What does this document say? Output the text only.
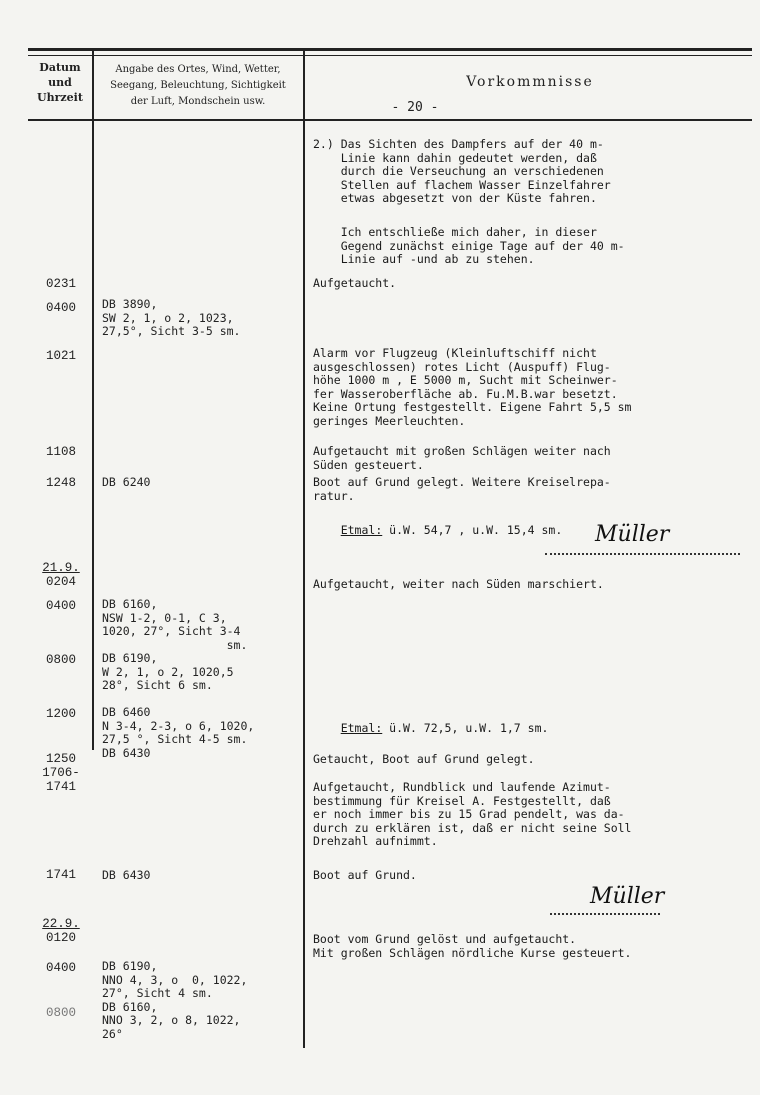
Datum
und
Uhrzeit
Angabe des Ortes, Wind, Wetter,
Seegang, Beleuchtung, Sichtigkeit
der Luft, Mondschein usw.
Vorkommnisse
- 20 -
0231
0400
1021
1108
1248
21.9.
0204
0400
0800
1200
1250
1706-
1741
1741
22.9.
0120
0400
0800
DB 3890,
SW 2, 1, o 2, 1023,
27,5°, Sicht 3-5 sm.
DB 6240
DB 6160,
NSW 1-2, 0-1, C 3,
1020, 27°, Sicht 3-4
sm.
DB 6190,
W 2, 1, o 2, 1020,5
28°, Sicht 6 sm.
DB 6460
N 3-4, 2-3, o 6, 1020,
27,5 °, Sicht 4-5 sm.
DB 6430
DB 6430
DB 6190,
NNO 4, 3, o  0, 1022,
27°, Sicht 4 sm.
DB 6160,
NNO 3, 2, o 8, 1022,
26°
2.) Das Sichten des Dampfers auf der 40 m-
Linie kann dahin gedeutet werden, daß
durch die Verseuchung an verschiedenen
Stellen auf flachem Wasser Einzelfahrer
etwas abgesetzt von der Küste fahren.
Ich entschließe mich daher, in dieser
Gegend zunächst einige Tage auf der 40 m-
Linie auf -und ab zu stehen.
Aufgetaucht.
Alarm vor Flugzeug (Kleinluftschiff nicht
ausgeschlossen) rotes Licht (Auspuff) Flug-
höhe 1000 m , E 5000 m, Sucht mit Scheinwer-
fer Wasseroberfläche ab. Fu.M.B.war besetzt.
Keine Ortung festgestellt. Eigene Fahrt 5,5 sm
geringes Meerleuchten.
Aufgetaucht mit großen Schlägen weiter nach
Süden gesteuert.
Boot auf Grund gelegt. Weitere Kreiselrepa-
ratur.

Etmal: ü.W. 54,7 , u.W. 15,4 sm.

Aufgetaucht, weiter nach Süden marschiert.

Etmal: ü.W. 72,5, u.W. 1,7 sm.

Getaucht, Boot auf Grund gelegt.
Aufgetaucht, Rundblick und laufende Azimut-
bestimmung für Kreisel A. Festgestellt, daß
er noch immer bis zu 15 Grad pendelt, was da-
durch zu erklären ist, daß er nicht seine Soll
Drehzahl aufnimmt.
Boot auf Grund.
Boot vom Grund gelöst und aufgetaucht.
Mit großen Schlägen nördliche Kurse gesteuert.
Müller
Müller
